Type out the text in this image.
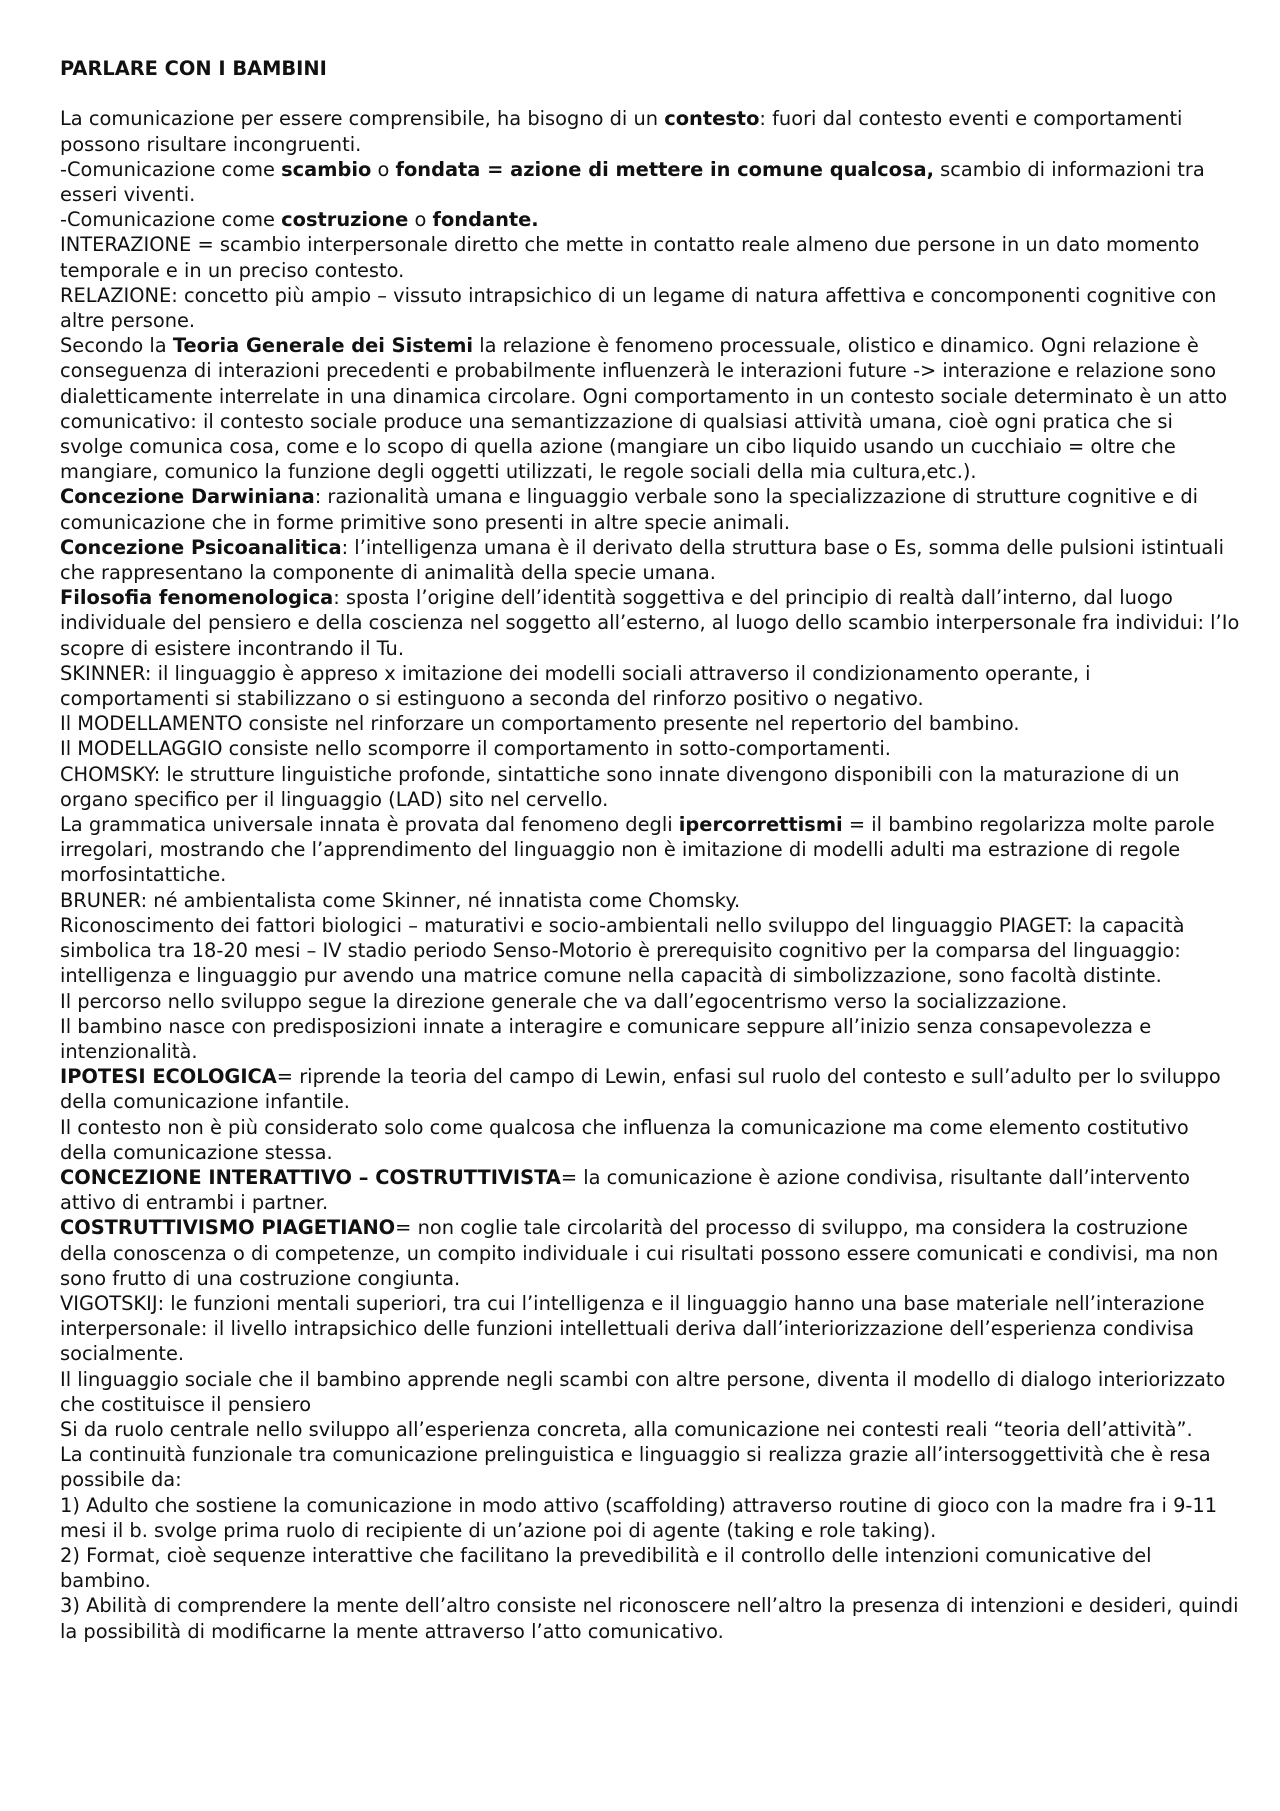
PARLARE CON I BAMBINI

La comunicazione per essere comprensibile, ha bisogno di un contesto: fuori dal contesto eventi e comportamenti possono risultare incongruenti.

-Comunicazione come scambio o fondata = azione di mettere in comune qualcosa, scambio di informazioni tra esseri viventi.

-Comunicazione come costruzione o fondante.

INTERAZIONE = scambio interpersonale diretto che mette in contatto reale almeno due persone in un dato momento temporale e in un preciso contesto.

RELAZIONE: concetto più ampio – vissuto intrapsichico di un legame di natura affettiva e concomponenti cognitive con altre persone.

Secondo la Teoria Generale dei Sistemi la relazione è fenomeno processuale, olistico e dinamico. Ogni relazione è conseguenza di interazioni precedenti e probabilmente influenzerà le interazioni future -> interazione e relazione sono dialetticamente interrelate in una dinamica circolare. Ogni comportamento in un contesto sociale determinato è un atto comunicativo: il contesto sociale produce una semantizzazione di qualsiasi attività umana, cioè ogni pratica che si svolge comunica cosa, come e lo scopo di quella azione (mangiare un cibo liquido usando un cucchiaio = oltre che mangiare, comunico la funzione degli oggetti utilizzati, le regole sociali della mia cultura,etc.).

Concezione Darwiniana: razionalità umana e linguaggio verbale sono la specializzazione di strutture cognitive e di comunicazione che in forme primitive sono presenti in altre specie animali.

Concezione Psicoanalitica: l’intelligenza umana è il derivato della struttura base o Es, somma delle pulsioni istintuali che rappresentano la componente di animalità della specie umana.

Filosofia fenomenologica: sposta l’origine dell’identità soggettiva e del principio di realtà dall’interno, dal luogo individuale del pensiero e della coscienza nel soggetto all’esterno, al luogo dello scambio interpersonale fra individui: l’Io scopre di esistere incontrando il Tu.

SKINNER: il linguaggio è appreso x imitazione dei modelli sociali attraverso il condizionamento operante, i comportamenti si stabilizzano o si estinguono a seconda del rinforzo positivo o negativo.

Il MODELLAMENTO consiste nel rinforzare un comportamento presente nel repertorio del bambino.

Il MODELLAGGIO consiste nello scomporre il comportamento in sotto-comportamenti.

CHOMSKY: le strutture linguistiche profonde, sintattiche sono innate divengono disponibili con la maturazione di un organo specifico per il linguaggio (LAD) sito nel cervello.

La grammatica universale innata è provata dal fenomeno degli ipercorrettismi = il bambino regolarizza molte parole irregolari, mostrando che l’apprendimento del linguaggio non è imitazione di modelli adulti ma estrazione di regole morfosintattiche.

BRUNER: né ambientalista come Skinner, né innatista come Chomsky.

Riconoscimento dei fattori biologici – maturativi e socio-ambientali nello sviluppo del linguaggio PIAGET: la capacità simbolica tra 18-20 mesi – IV stadio periodo Senso-Motorio è prerequisito cognitivo per la comparsa del linguaggio: intelligenza e linguaggio pur avendo una matrice comune nella capacità di simbolizzazione, sono facoltà distinte.

Il percorso nello sviluppo segue la direzione generale che va dall’egocentrismo verso la socializzazione.

Il bambino nasce con predisposizioni innate a interagire e comunicare seppure all’inizio senza consapevolezza e intenzionalità.

IPOTESI ECOLOGICA= riprende la teoria del campo di Lewin, enfasi sul ruolo del contesto e sull’adulto per lo sviluppo della comunicazione infantile.

Il contesto non è più considerato solo come qualcosa che influenza la comunicazione ma come elemento costitutivo della comunicazione stessa.

CONCEZIONE INTERATTIVO – COSTRUTTIVISTA= la comunicazione è azione condivisa, risultante dall’intervento attivo di entrambi i partner.

COSTRUTTIVISMO PIAGETIANO= non coglie tale circolarità del processo di sviluppo, ma considera la costruzione della conoscenza o di competenze, un compito individuale i cui risultati possono essere comunicati e condivisi, ma non sono frutto di una costruzione congiunta.

VIGOTSKIJ: le funzioni mentali superiori, tra cui l’intelligenza e il linguaggio hanno una base materiale nell’interazione interpersonale: il livello intrapsichico delle funzioni intellettuali deriva dall’interiorizzazione dell’esperienza condivisa socialmente.

Il linguaggio sociale che il bambino apprende negli scambi con altre persone, diventa il modello di dialogo interiorizzato che costituisce il pensiero

Si da ruolo centrale nello sviluppo all’esperienza concreta, alla comunicazione nei contesti reali “teoria dell’attività”.

La continuità funzionale tra comunicazione prelinguistica e linguaggio si realizza grazie all’intersoggettività che è resa possibile da:

1) Adulto che sostiene la comunicazione in modo attivo (scaffolding) attraverso routine di gioco con la madre fra i 9-11 mesi il b. svolge prima ruolo di recipiente di un’azione poi di agente (taking e role taking).

2) Format, cioè sequenze interattive che facilitano la prevedibilità e il controllo delle intenzioni comunicative del bambino.

3) Abilità di comprendere la mente dell’altro consiste nel riconoscere nell’altro la presenza di intenzioni e desideri, quindi la possibilità di modificarne la mente attraverso l’atto comunicativo.
